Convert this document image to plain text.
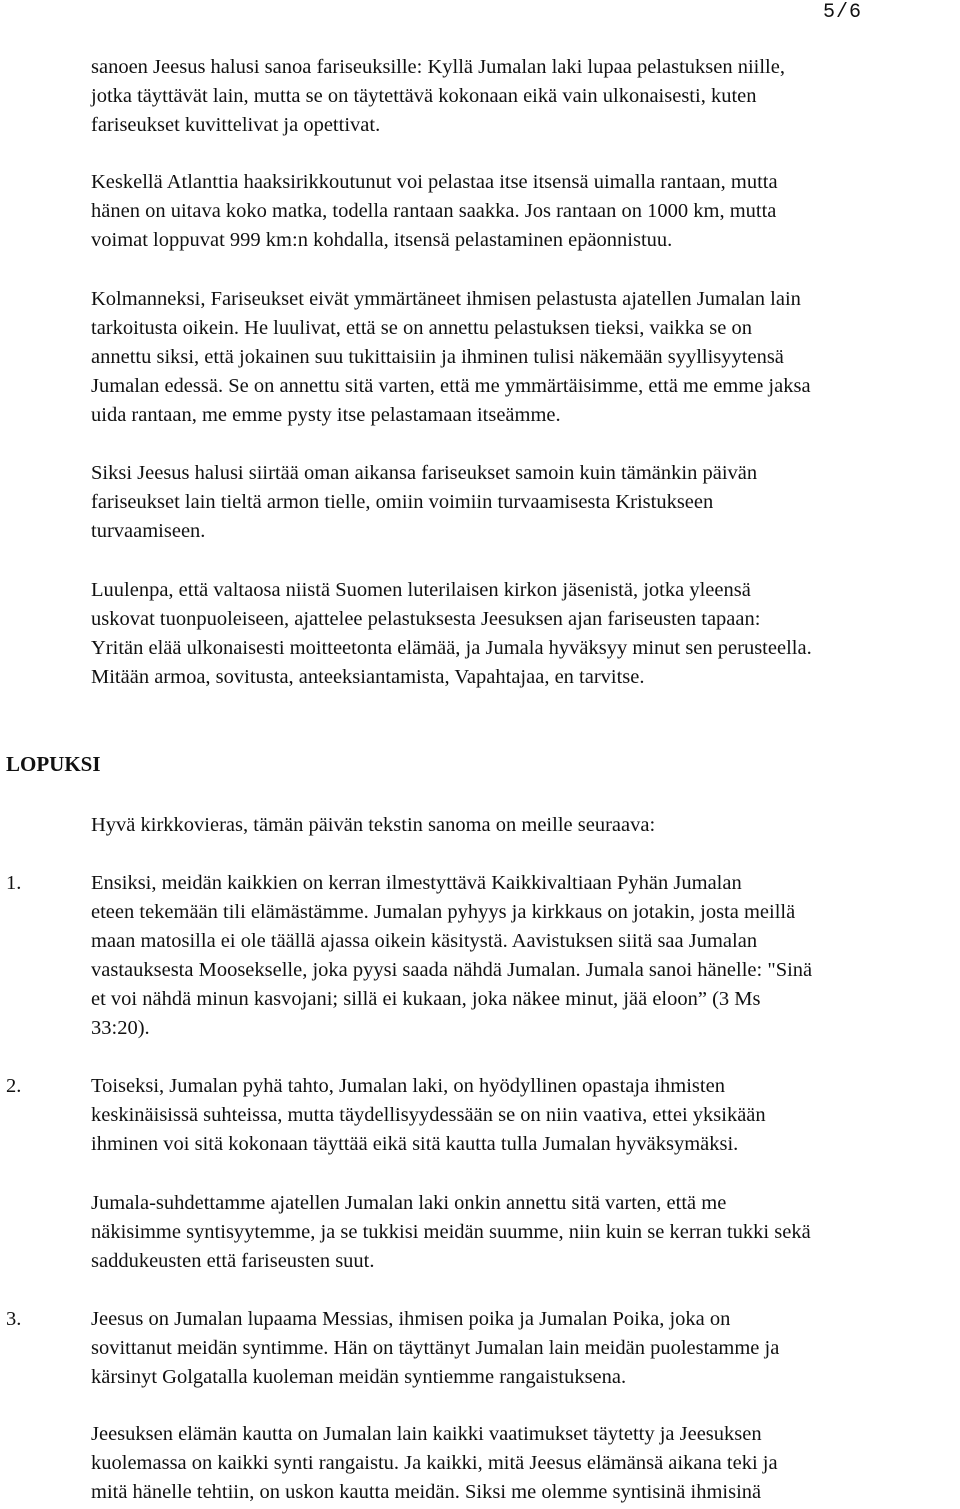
5/6
sanoen Jeesus halusi sanoa fariseuksille: Kyllä Jumalan laki lupaa pelastuksen niille,
jotka täyttävät lain, mutta se on täytettävä kokonaan eikä vain ulkonaisesti, kuten
fariseukset kuvittelivat ja opettivat.
Keskellä Atlanttia haaksirikkoutunut voi pelastaa itse itsensä uimalla rantaan, mutta
hänen on uitava koko matka, todella rantaan saakka. Jos rantaan on 1000 km, mutta
voimat loppuvat 999 km:n kohdalla, itsensä pelastaminen epäonnistuu.
Kolmanneksi, Fariseukset eivät ymmärtäneet ihmisen pelastusta ajatellen Jumalan lain
tarkoitusta oikein. He luulivat, että se on annettu pelastuksen tieksi, vaikka se on
annettu siksi, että jokainen suu tukittaisiin ja ihminen tulisi näkemään syyllisyytensä
Jumalan edessä. Se on annettu sitä varten, että me ymmärtäisimme, että me emme jaksa
uida rantaan, me emme pysty itse pelastamaan itseämme.
Siksi Jeesus halusi siirtää oman aikansa fariseukset samoin kuin tämänkin päivän
fariseukset lain tieltä armon tielle, omiin voimiin turvaamisesta Kristukseen
turvaamiseen.
Luulenpa, että valtaosa niistä Suomen luterilaisen kirkon jäsenistä, jotka yleensä
uskovat tuonpuoleiseen, ajattelee pelastuksesta Jeesuksen ajan fariseusten tapaan:
Yritän elää ulkonaisesti moitteetonta elämää, ja Jumala hyväksyy minut sen perusteella.
Mitään armoa, sovitusta, anteeksiantamista, Vapahtajaa, en tarvitse.
LOPUKSI
Hyvä kirkkovieras, tämän päivän tekstin sanoma on meille seuraava:
1.	Ensiksi, meidän kaikkien on kerran ilmestyttävä Kaikkivaltiaan Pyhän Jumalan
eteen tekemään tili elämästämme. Jumalan pyhyys ja kirkkaus on jotakin, josta meillä
maan matosilla ei ole täällä ajassa oikein käsitystä. Aavistuksen siitä saa Jumalan
vastauksesta Moosekselle, joka pyysi saada nähdä Jumalan. Jumala sanoi hänelle: "Sinä
et voi nähdä minun kasvojani; sillä ei kukaan, joka näkee minut, jää eloon” (3 Ms
33:20).
2.	Toiseksi, Jumalan pyhä tahto, Jumalan laki, on hyödyllinen opastaja ihmisten
keskinäisissä suhteissa, mutta täydellisyydessään se on niin vaativa, ettei yksikään
ihminen voi sitä kokonaan täyttää eikä sitä kautta tulla Jumalan hyväksymäksi.
Jumala-suhdettamme ajatellen Jumalan laki onkin annettu sitä varten, että me
näkisimme syntisyytemme, ja se tukkisi meidän suumme, niin kuin se kerran tukki sekä
saddukeusten että fariseusten suut.
3.	Jeesus on Jumalan lupaama Messias, ihmisen poika ja Jumalan Poika, joka on
sovittanut meidän syntimme. Hän on täyttänyt Jumalan lain meidän puolestamme ja
kärsinyt Golgatalla kuoleman meidän syntiemme rangaistuksena.
Jeesuksen elämän kautta on Jumalan lain kaikki vaatimukset täytetty ja Jeesuksen
kuolemassa on kaikki synti rangaistu. Ja kaikki, mitä Jeesus elämänsä aikana teki ja
mitä hänelle tehtiin, on uskon kautta meidän. Siksi me olemme syntisinä ihmisinä
